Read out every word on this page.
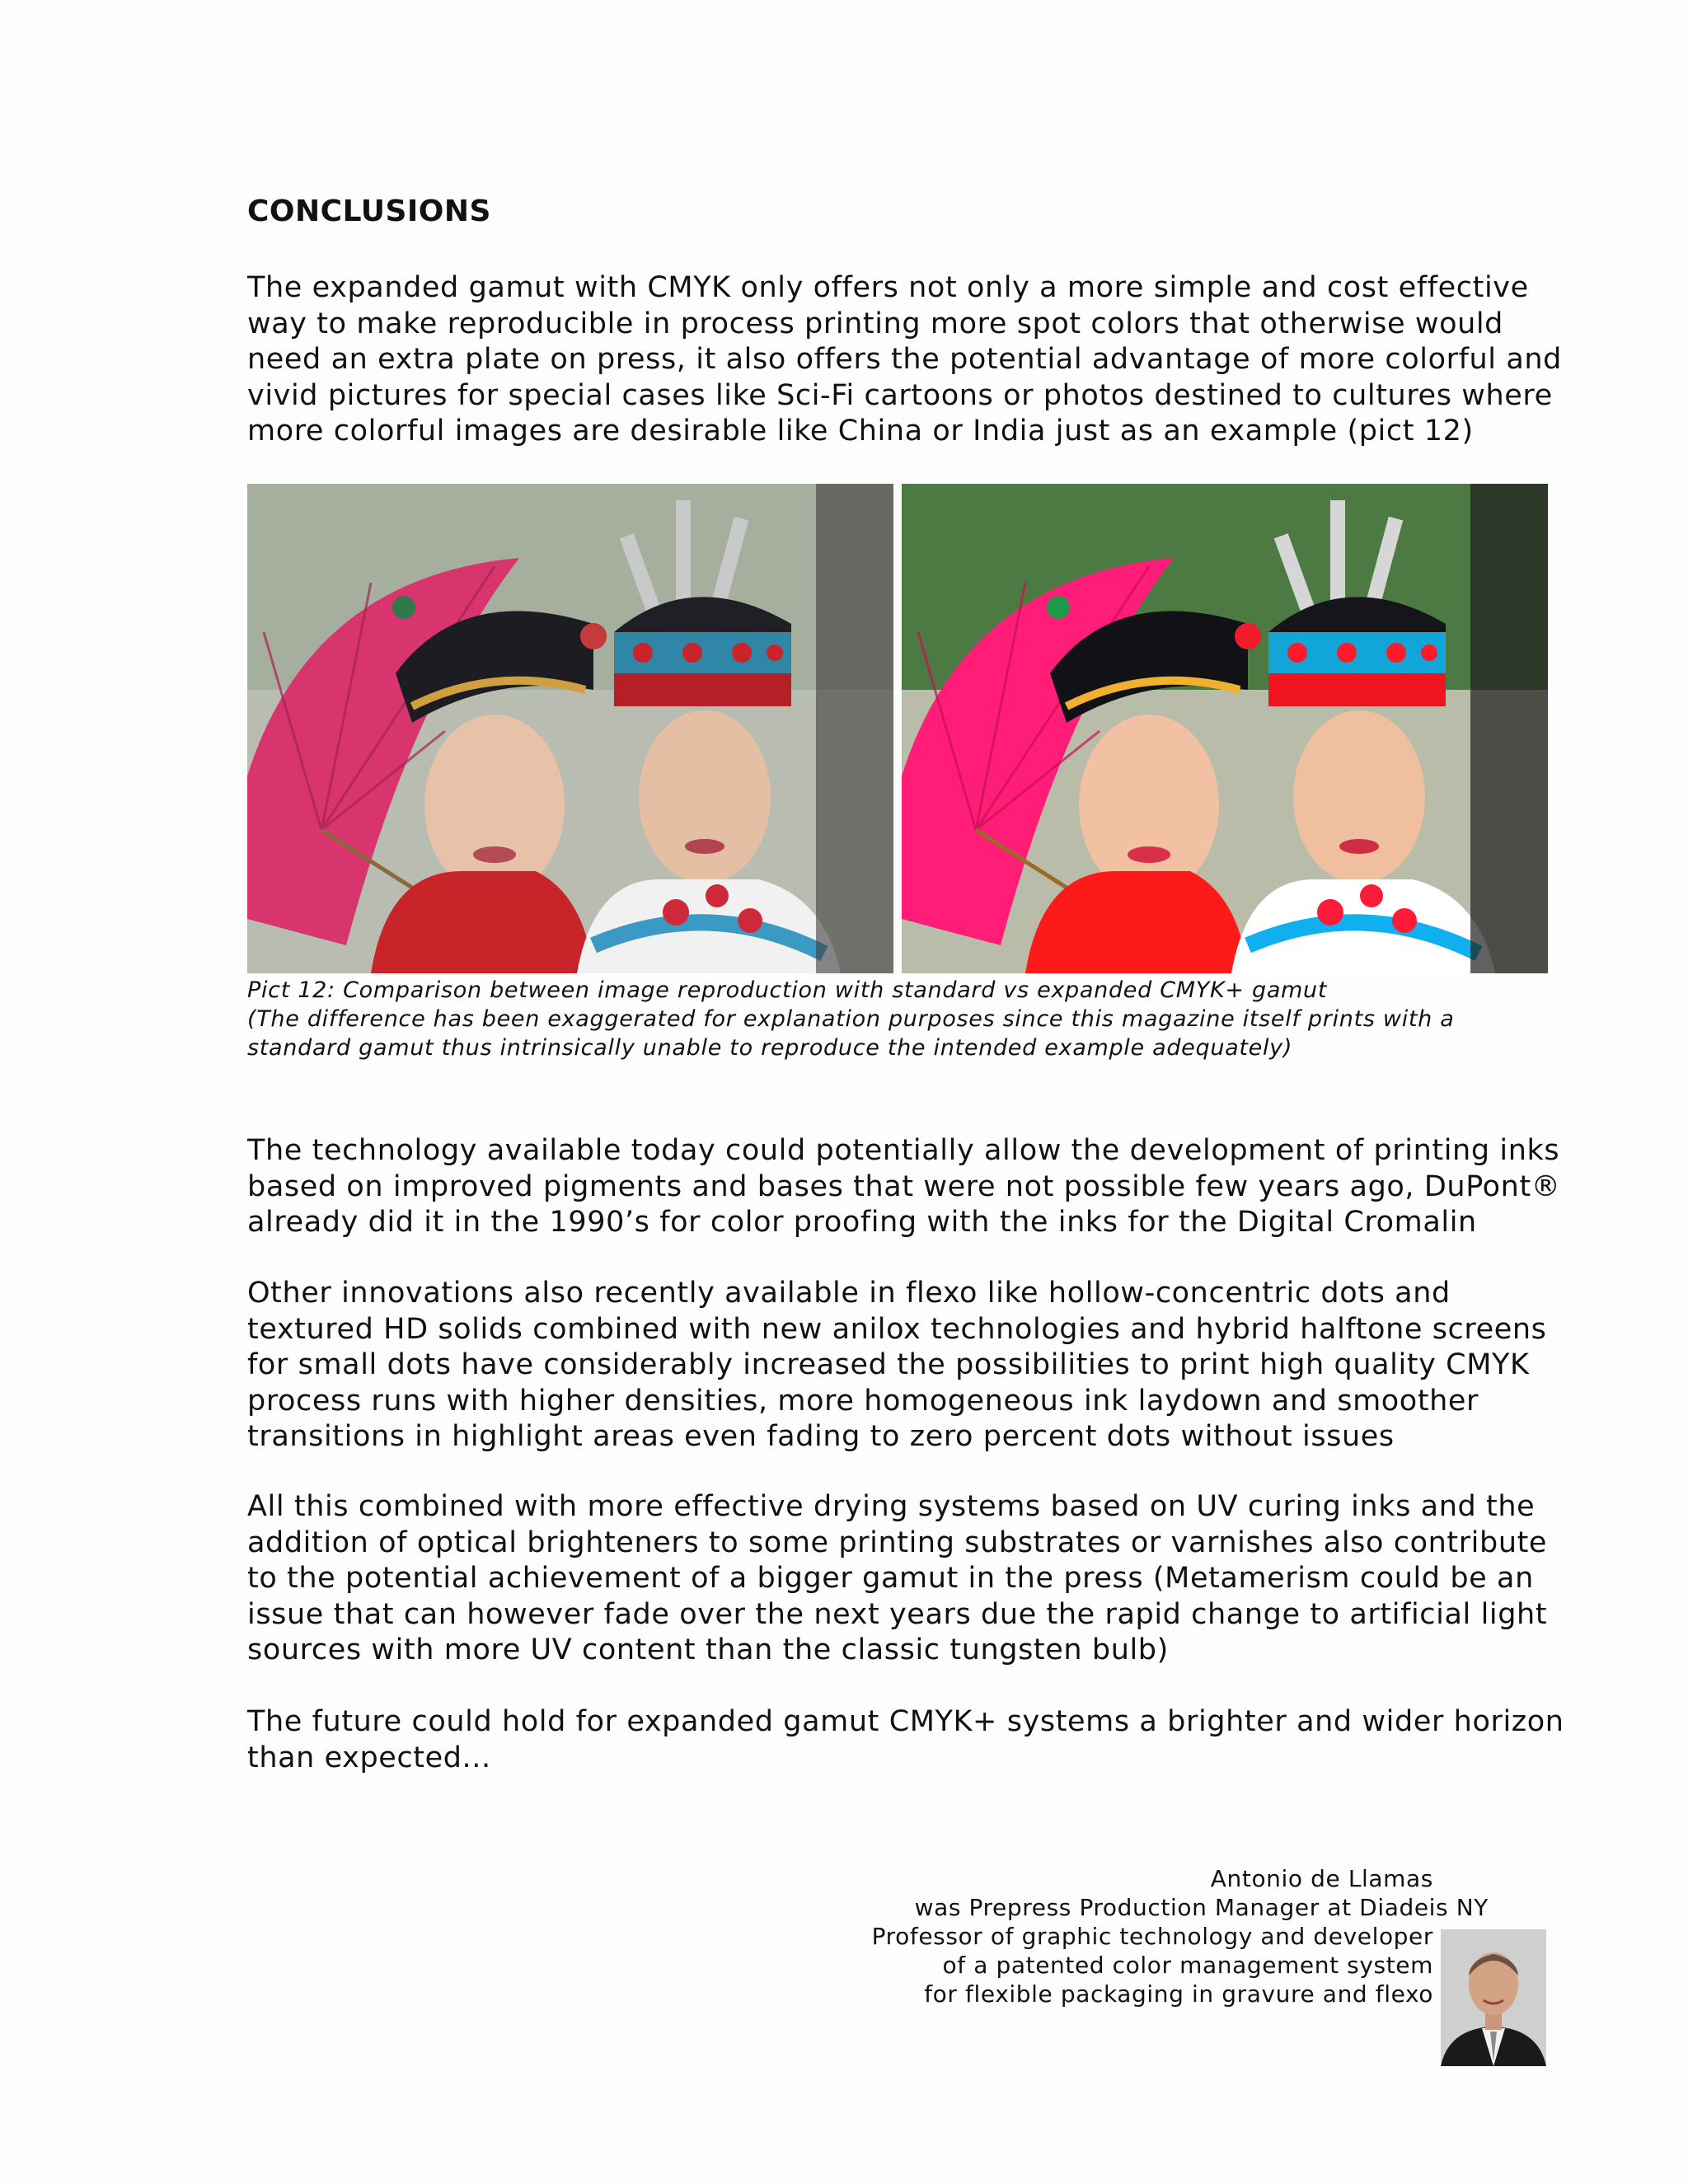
CONCLUSIONS
The expanded gamut with CMYK only offers not only a more simple and cost effective way to make reproducible in process printing more spot colors that otherwise would need an extra plate on press, it also offers the potential advantage of more colorful and vivid pictures for special cases like Sci-Fi cartoons or photos destined to cultures where more colorful images are desirable like China or India just as an example (pict 12)
Pict 12: Comparison between image reproduction with standard vs expanded CMYK+ gamut
(The difference has been exaggerated for explanation purposes since this magazine itself prints with a
standard gamut thus intrinsically unable to reproduce the intended example adequately)
The technology available today could potentially allow the development of printing inks based on improved pigments and bases that were not possible few years ago, DuPont® already did it in the 1990’s for color proofing with the inks for the Digital Cromalin
Other innovations also recently available in flexo like hollow-concentric dots and textured HD solids combined with new anilox technologies and hybrid halftone screens for small dots have considerably increased the possibilities to print high quality CMYK process runs with higher densities, more homogeneous ink laydown and smoother transitions in highlight areas even fading to zero percent dots without issues
All this combined with more effective drying systems based on UV curing inks and the addition of optical brighteners to some printing substrates or varnishes also contribute to the potential achievement of a bigger gamut in the press (Metamerism could be an issue that can however fade over the next years due the rapid change to artificial light sources with more UV content than the classic tungsten bulb)
The future could hold for expanded gamut CMYK+ systems a brighter and wider horizon than expected...
Antonio de Llamas
was Prepress Production Manager at Diadeis NY
Professor of graphic technology and developer
of a patented color management system
for flexible packaging in gravure and flexo
